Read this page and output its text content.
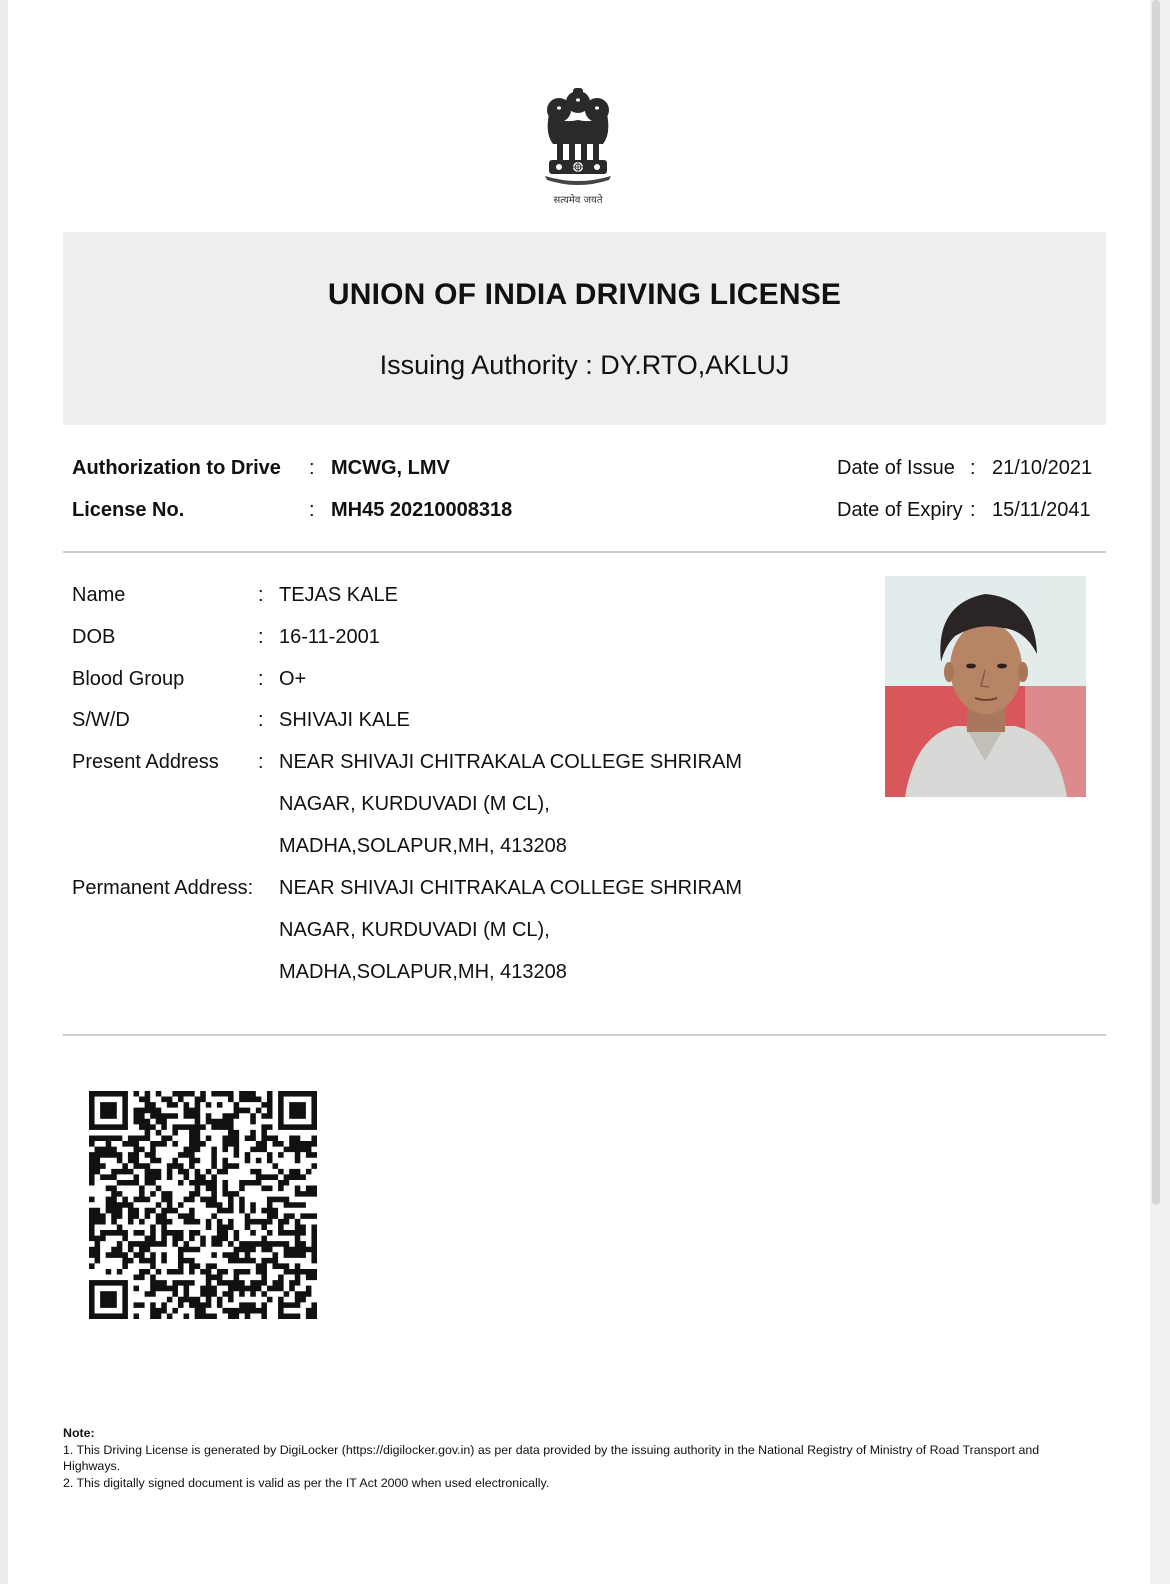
सत्यमेव जयते
UNION OF INDIA DRIVING LICENSE
Issuing Authority : DY.RTO,AKLUJ
Authorization to Drive : MCWG, LMV
License No.	: MH45 20210008318
Date of Issue : 21/10/2021
Date of Expiry : 15/11/2041
Name	: TEJAS KALE
DOB	: 16-11-2001
Blood Group	: O+
S/W/D	: SHIVAJI KALE
Present Address : NEAR SHIVAJI CHITRAKALA COLLEGE SHRIRAM
NAGAR, KURDUVADI (M CL),
MADHA,SOLAPUR,MH, 413208
Permanent Address: NEAR SHIVAJI CHITRAKALA COLLEGE SHRIRAM
NAGAR, KURDUVADI (M CL),
MADHA,SOLAPUR,MH, 413208
Note:
1. This Driving License is generated by DigiLocker (https://digilocker.gov.in) as per data provided by the issuing authority in the National Registry of Ministry of Road Transport and Highways.
2. This digitally signed document is valid as per the IT Act 2000 when used electronically.
